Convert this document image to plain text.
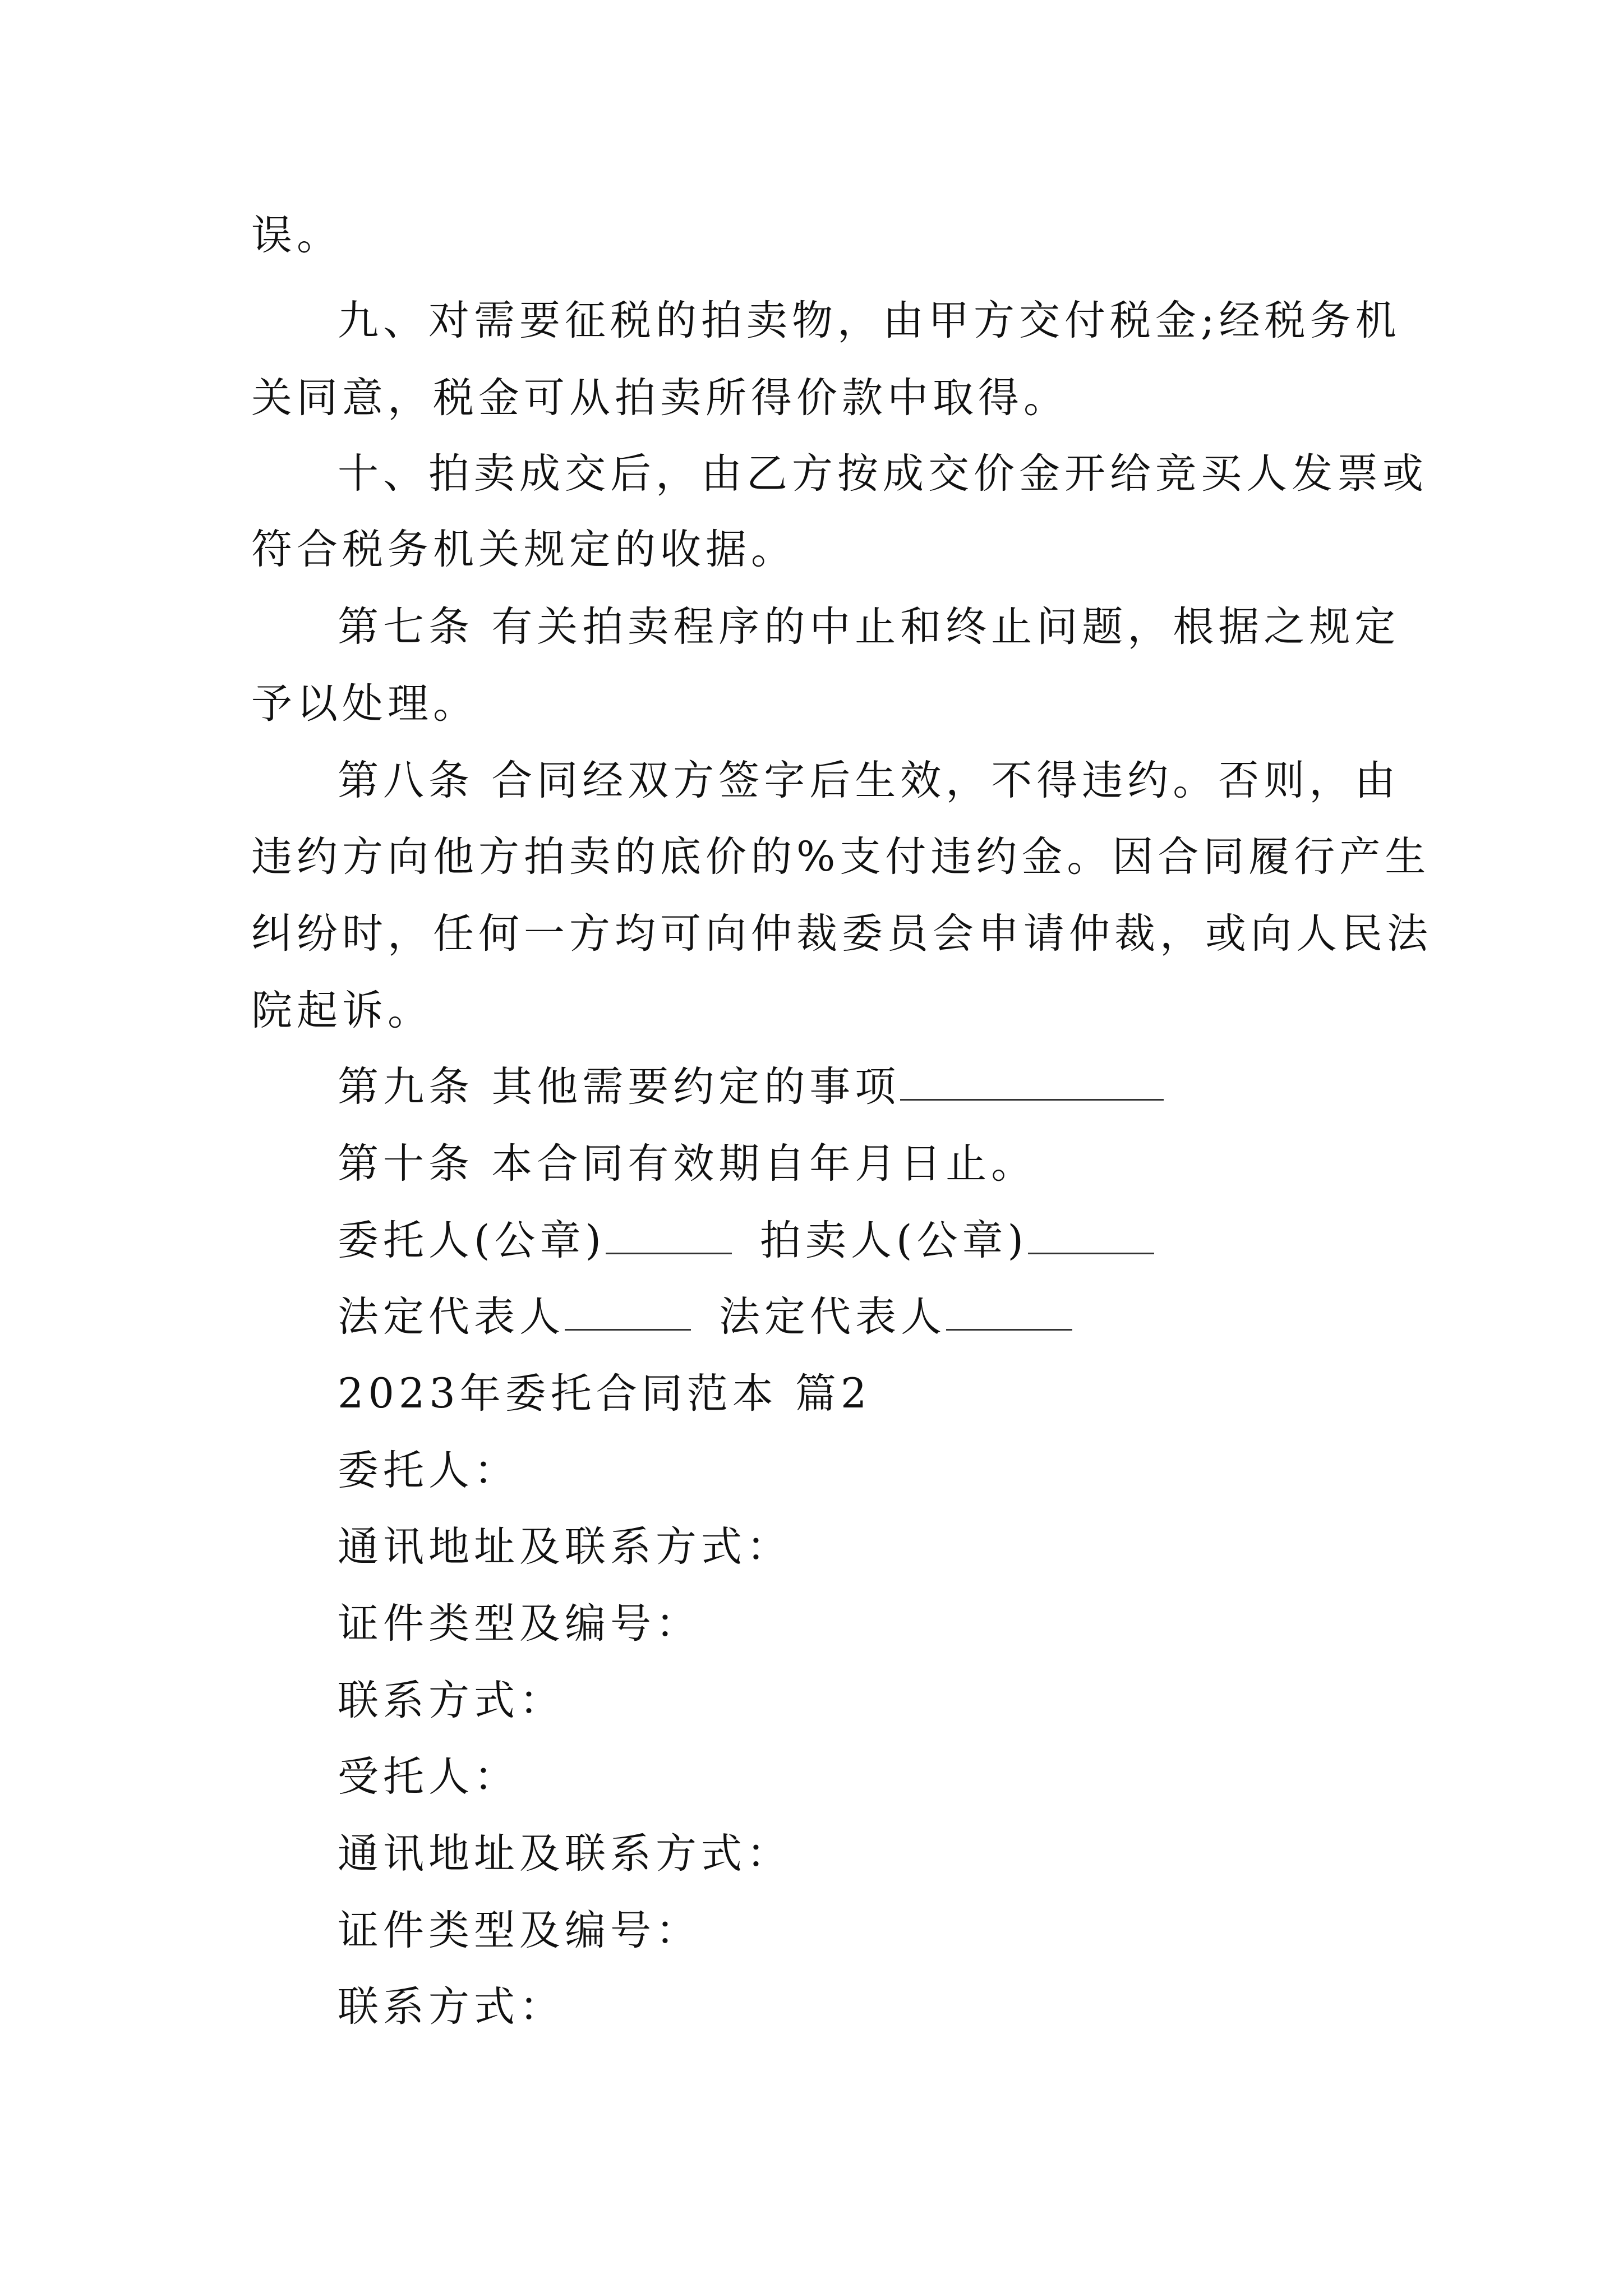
误。
九、对需要征税的拍卖物，由甲方交付税金;经税务机
关同意，税金可从拍卖所得价款中取得。
十、拍卖成交后，由乙方按成交价金开给竞买人发票或
符合税务机关规定的收据。
第七条 有关拍卖程序的中止和终止问题，根据之规定
予以处理。
第八条 合同经双方签字后生效，不得违约。否则，由
违约方向他方拍卖的底价的%支付违约金。因合同履行产生
纠纷时，任何一方均可向仲裁委员会申请仲裁，或向人民法
院起诉。
第九条 其他需要约定的事项
第十条 本合同有效期自年月日止。
委托人(公章)	拍卖人(公章)
法定代表人	法定代表人
2023年委托合同范本 篇2
委托人：
通讯地址及联系方式：
证件类型及编号：
联系方式：
受托人：
通讯地址及联系方式：
证件类型及编号：
联系方式：
